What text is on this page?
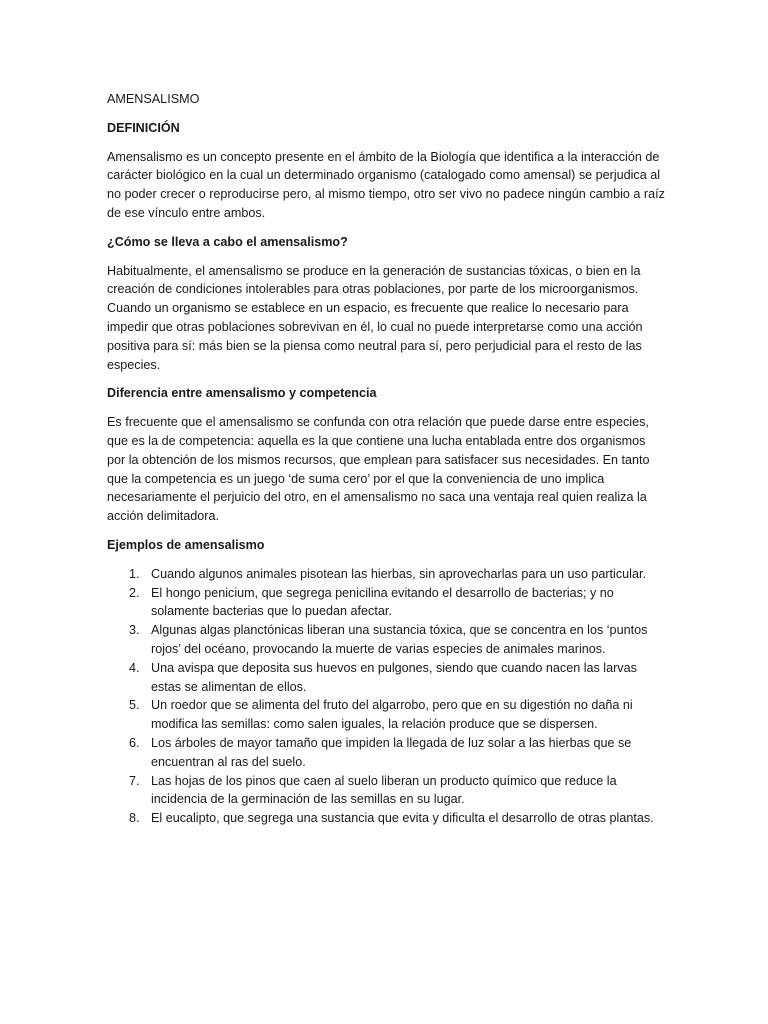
AMENSALISMO

DEFINICIÓN

Amensalismo es un concepto presente en el ámbito de la Biología que identifica a la interacción de carácter biológico en la cual un determinado organismo (catalogado como amensal) se perjudica al no poder crecer o reproducirse pero, al mismo tiempo, otro ser vivo no padece ningún cambio a raíz de ese vínculo entre ambos.

¿Cómo se lleva a cabo el amensalismo?

Habitualmente, el amensalismo se produce en la generación de sustancias tóxicas, o bien en la creación de condiciones intolerables para otras poblaciones, por parte de los microorganismos. Cuando un organismo se establece en un espacio, es frecuente que realice lo necesario para impedir que otras poblaciones sobrevivan en él, lo cual no puede interpretarse como una acción positiva para sí: más bien se la piensa como neutral para sí, pero perjudicial para el resto de las especies.

Diferencia entre amensalismo y competencia

Es frecuente que el amensalismo se confunda con otra relación que puede darse entre especies, que es la de competencia: aquella es la que contiene una lucha entablada entre dos organismos por la obtención de los mismos recursos, que emplean para satisfacer sus necesidades. En tanto que la competencia es un juego ‘de suma cero’ por el que la conveniencia de uno implica necesariamente el perjuicio del otro, en el amensalismo no saca una ventaja real quien realiza la acción delimitadora.

Ejemplos de amensalismo

1. Cuando algunos animales pisotean las hierbas, sin aprovecharlas para un uso particular.
2. El hongo penicium, que segrega penicilina evitando el desarrollo de bacterias; y no solamente bacterias que lo puedan afectar.
3. Algunas algas planctónicas liberan una sustancia tóxica, que se concentra en los ‘puntos rojos’ del océano, provocando la muerte de varias especies de animales marinos.
4. Una avispa que deposita sus huevos en pulgones, siendo que cuando nacen las larvas estas se alimentan de ellos.
5. Un roedor que se alimenta del fruto del algarrobo, pero que en su digestión no daña ni modifica las semillas: como salen iguales, la relación produce que se dispersen.
6. Los árboles de mayor tamaño que impiden la llegada de luz solar a las hierbas que se encuentran al ras del suelo.
7. Las hojas de los pinos que caen al suelo liberan un producto químico que reduce la incidencia de la germinación de las semillas en su lugar.
8. El eucalipto, que segrega una sustancia que evita y dificulta el desarrollo de otras plantas.
